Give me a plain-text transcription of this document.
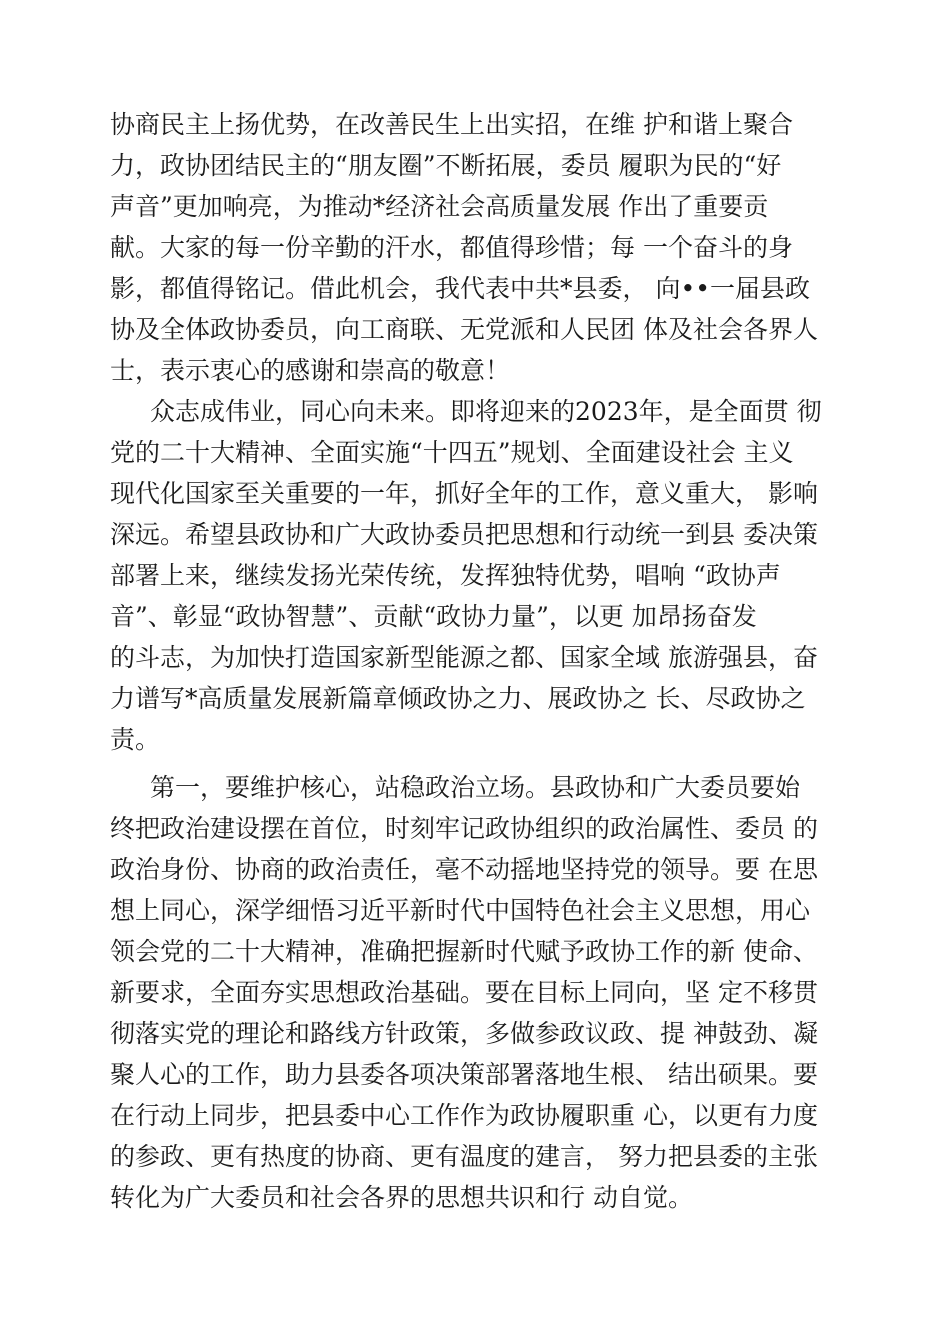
协商民主上扬优势，在改善民生上出实招，在维 护和谐上聚合
力，政协团结民主的“朋友圈”不断拓展，委员 履职为民的“好
声音”更加响亮，为推动*经济社会高质量发展 作出了重要贡
献。大家的每一份辛勤的汗水，都值得珍惜；每 一个奋斗的身
影，都值得铭记。借此机会，我代表中共*县委， 向••一届县政
协及全体政协委员，向工商联、无党派和人民团 体及社会各界人
士，表示衷心的感谢和崇高的敬意！
众志成伟业，同心向未来。即将迎来的2023年，是全面贯 彻
党的二十大精神、全面实施“十四五”规划、全面建设社会 主义
现代化国家至关重要的一年，抓好全年的工作，意义重大， 影响
深远。希望县政协和广大政协委员把思想和行动统一到县 委决策
部署上来，继续发扬光荣传统，发挥独特优势，唱响 “政协声
音”、彰显“政协智慧”、贡献“政协力量”，以更 加昂扬奋发
的斗志，为加快打造国家新型能源之都、国家全域 旅游强县，奋
力谱写*高质量发展新篇章倾政协之力、展政协之 长、尽政协之
责。
第一，要维护核心，站稳政治立场。县政协和广大委员要始
终把政治建设摆在首位，时刻牢记政协组织的政治属性、委员 的
政治身份、协商的政治责任，毫不动摇地坚持党的领导。要 在思
想上同心，深学细悟习近平新时代中国特色社会主义思想，用心
领会党的二十大精神，准确把握新时代赋予政协工作的新 使命、
新要求，全面夯实思想政治基础。要在目标上同向，坚 定不移贯
彻落实党的理论和路线方针政策，多做参政议政、提 神鼓劲、凝
聚人心的工作，助力县委各项决策部署落地生根、 结出硕果。要
在行动上同步，把县委中心工作作为政协履职重 心，以更有力度
的参政、更有热度的协商、更有温度的建言， 努力把县委的主张
转化为广大委员和社会各界的思想共识和行 动自觉。
